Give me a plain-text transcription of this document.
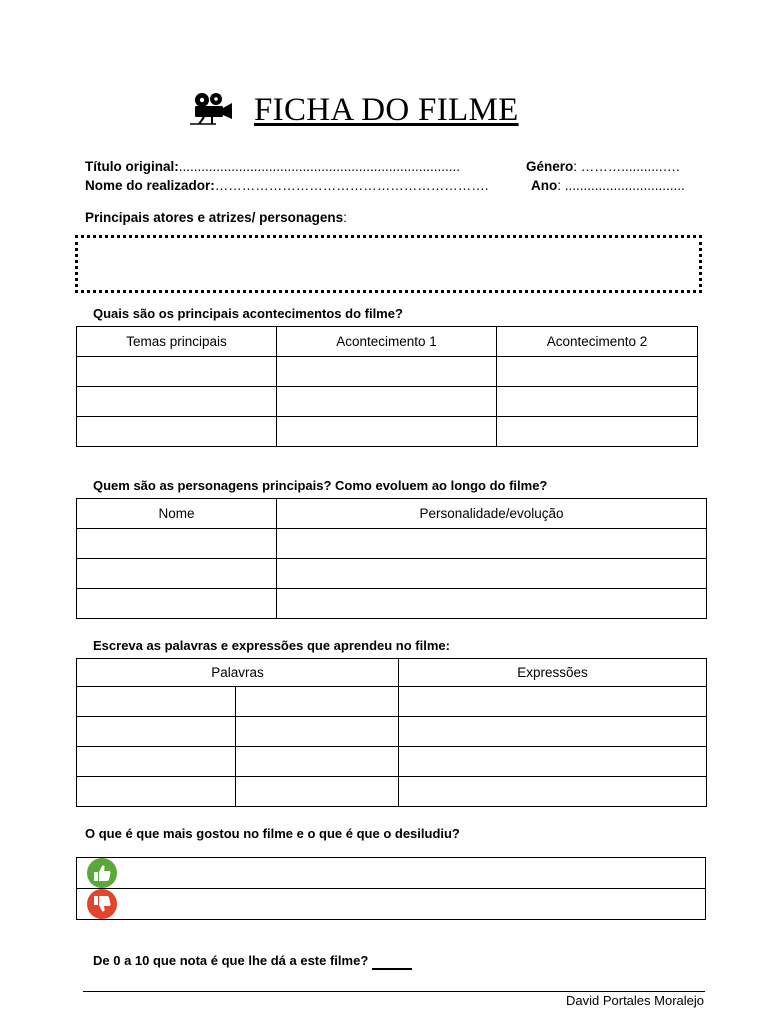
FICHA DO FILME
Título original:...........................................................................	Género: ………...........….
Nome do realizador:…………………………………………………….	Ano: ................................
Principais atores e atrizes/ personagens:
Quais são os principais acontecimentos do filme?
Temas principais	Acontecimento 1	Acontecimento 2

Quem são as personagens principais? Como evoluem ao longo do filme?
Nome	Personalidade/evolução

Escreva as palavras e expressões que aprendeu no filme:
Palavras		Expressões

O que é que mais gostou no filme e o que é que o desiludiu?

De 0 a 10 que nota é que lhe dá a este filme?
David Portales Moralejo
